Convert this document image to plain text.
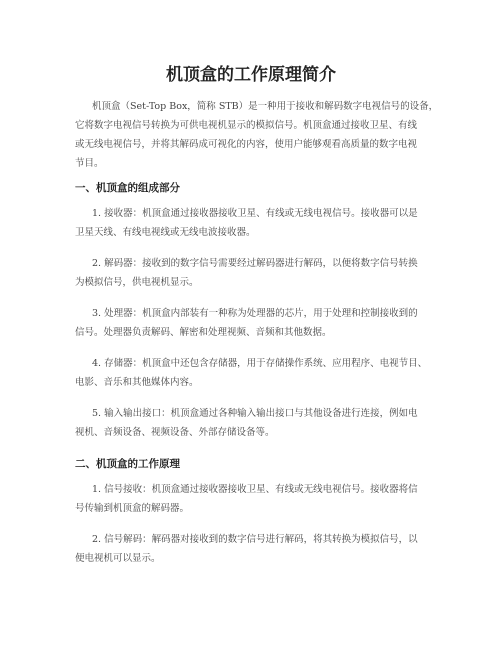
机顶盒的工作原理简介

机顶盒（Set-Top Box，简称 STB）是一种用于接收和解码数字电视信号的设备，
它将数字电视信号转换为可供电视机显示的模拟信号。机顶盒通过接收卫星、有线
或无线电视信号，并将其解码成可视化的内容，使用户能够观看高质量的数字电视
节目。

一、机顶盒的组成部分

1. 接收器：机顶盒通过接收器接收卫星、有线或无线电视信号。接收器可以是
卫星天线、有线电视线或无线电波接收器。

2. 解码器：接收到的数字信号需要经过解码器进行解码，以便将数字信号转换
为模拟信号，供电视机显示。

3. 处理器：机顶盒内部装有一种称为处理器的芯片，用于处理和控制接收到的
信号。处理器负责解码、解密和处理视频、音频和其他数据。

4. 存储器：机顶盒中还包含存储器，用于存储操作系统、应用程序、电视节目、
电影、音乐和其他媒体内容。

5. 输入输出接口：机顶盒通过各种输入输出接口与其他设备进行连接，例如电
视机、音频设备、视频设备、外部存储设备等。

二、机顶盒的工作原理

1. 信号接收：机顶盒通过接收器接收卫星、有线或无线电视信号。接收器将信
号传输到机顶盒的解码器。

2. 信号解码：解码器对接收到的数字信号进行解码，将其转换为模拟信号，以
便电视机可以显示。
